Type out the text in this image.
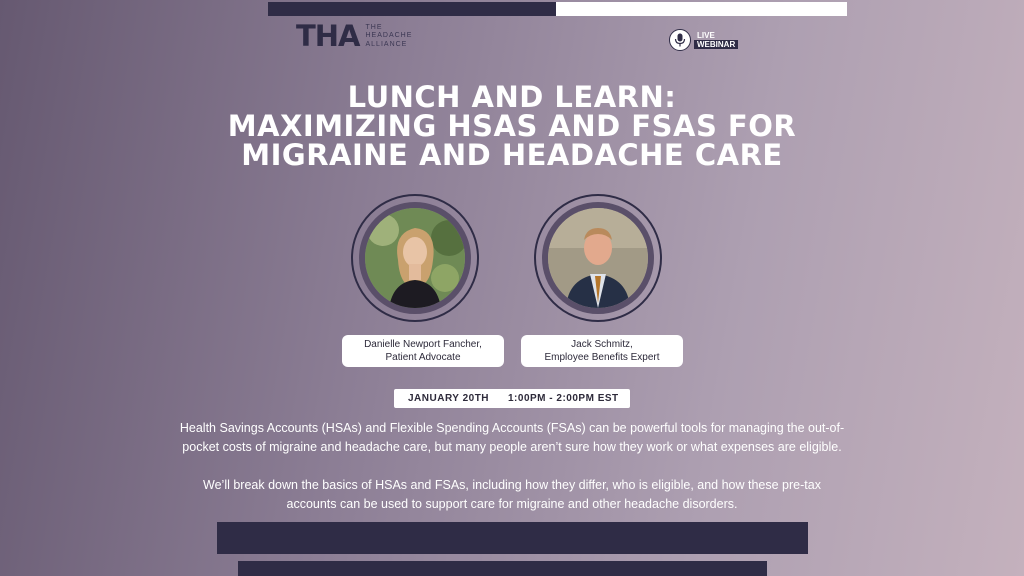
THA THE
HEADACHE
ALLIANCE
LIVE
WEBINAR
LUNCH AND LEARN:
MAXIMIZING HSAS AND FSAS FOR
MIGRAINE AND HEADACHE CARE
Danielle Newport Fancher,
Patient Advocate
Jack Schmitz,
Employee Benefits Expert
JANUARY 20TH 1:00PM - 2:00PM EST
Health Savings Accounts (HSAs) and Flexible Spending Accounts (FSAs) can be powerful tools for managing the out-of-
pocket costs of migraine and headache care, but many people aren’t sure how they work or what expenses are eligible.
We’ll break down the basics of HSAs and FSAs, including how they differ, who is eligible, and how these pre-tax
accounts can be used to support care for migraine and other headache disorders.
